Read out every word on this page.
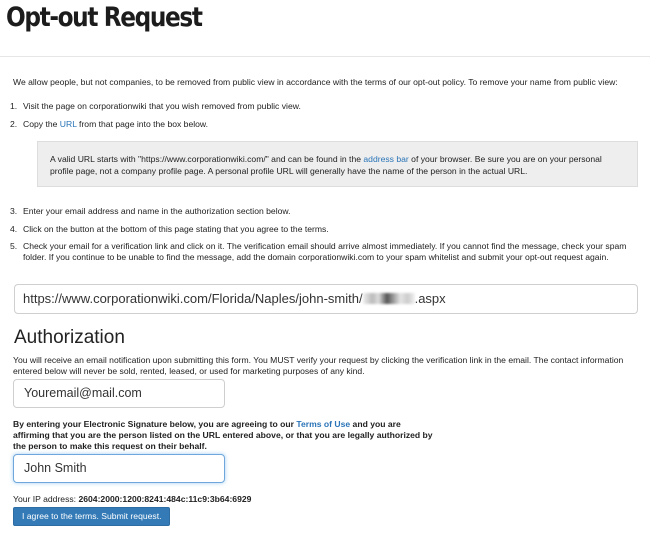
Opt-out Request
We allow people, but not companies, to be removed from public view in accordance with the terms of our opt-out policy. To remove your name from public view:
1. Visit the page on corporationwiki that you wish removed from public view.
2. Copy the URL from that page into the box below.
3. Enter your email address and name in the authorization section below.
4. Click on the button at the bottom of this page stating that you agree to the terms.
5. Check your email for a verification link and click on it. The verification email should arrive almost immediately. If you cannot find the message, check your spam folder. If you continue to be unable to find the message, add the domain corporationwiki.com to your spam whitelist and submit your opt-out request again.
A valid URL starts with "https://www.corporationwiki.com/" and can be found in the address bar of your browser. Be sure you are on your personal profile page, not a company profile page. A personal profile URL will generally have the name of the person in the actual URL.
https://www.corporationwiki.com/Florida/Naples/john-smith/	.aspx
Authorization
You will receive an email notification upon submitting this form. You MUST verify your request by clicking the verification link in the email. The contact information entered below will never be sold, rented, leased, or used for marketing purposes of any kind.
Youremail@mail.com
By entering your Electronic Signature below, you are agreeing to our Terms of Use and you are affirming that you are the person listed on the URL entered above, or that you are legally authorized by the person to make this request on their behalf.
John Smith
Your IP address: 2604:2000:1200:8241:484c:11c9:3b64:6929
I agree to the terms. Submit request.
